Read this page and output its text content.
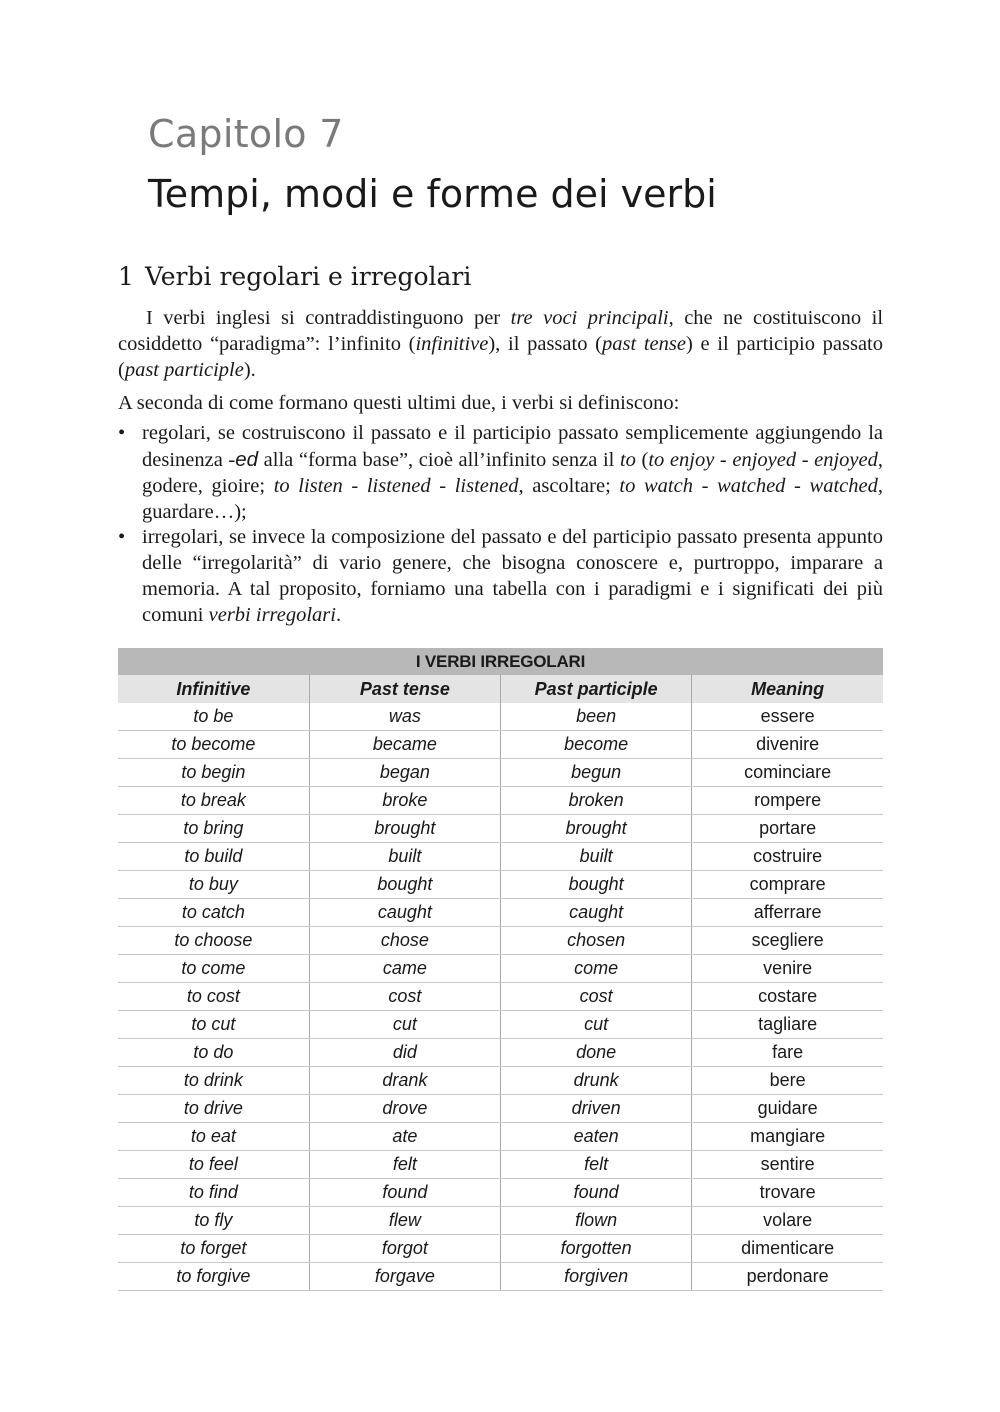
Capitolo 7
Tempi, modi e forme dei verbi
1 Verbi regolari e irregolari

I verbi inglesi si contraddistinguono per tre voci principali, che ne costituiscono il cosiddetto “paradigma”: l’infinito (infinitive), il passato (past tense) e il participio passato (past participle).

A seconda di come formano questi ultimi due, i verbi si definiscono:

• regolari, se costruiscono il passato e il participio passato semplicemente aggiungendo la desinenza -ed alla “forma base”, cioè all’infinito senza il to (to enjoy - enjoyed - enjoyed, godere, gioire; to listen - listened - listened, ascoltare; to watch - watched - watched, guardare…);
• irregolari, se invece la composizione del passato e del participio passato presenta appunto delle “irregolarità” di vario genere, che bisogna conoscere e, purtroppo, imparare a memoria. A tal proposito, forniamo una tabella con i paradigmi e i significati dei più comuni verbi irregolari.
I VERBI IRREGOLARI			
Infinitive	Past tense	Past participle	Meaning
to be	was	been	essere
to become	became	become	divenire
to begin	began	begun	cominciare
to break	broke	broken	rompere
to bring	brought	brought	portare
to build	built	built	costruire
to buy	bought	bought	comprare
to catch	caught	caught	afferrare
to choose	chose	chosen	scegliere
to come	came	come	venire
to cost	cost	cost	costare
to cut	cut	cut	tagliare
to do	did	done	fare
to drink	drank	drunk	bere
to drive	drove	driven	guidare
to eat	ate	eaten	mangiare
to feel	felt	felt	sentire
to find	found	found	trovare
to fly	flew	flown	volare
to forget	forgot	forgotten	dimenticare
to forgive	forgave	forgiven	perdonare
